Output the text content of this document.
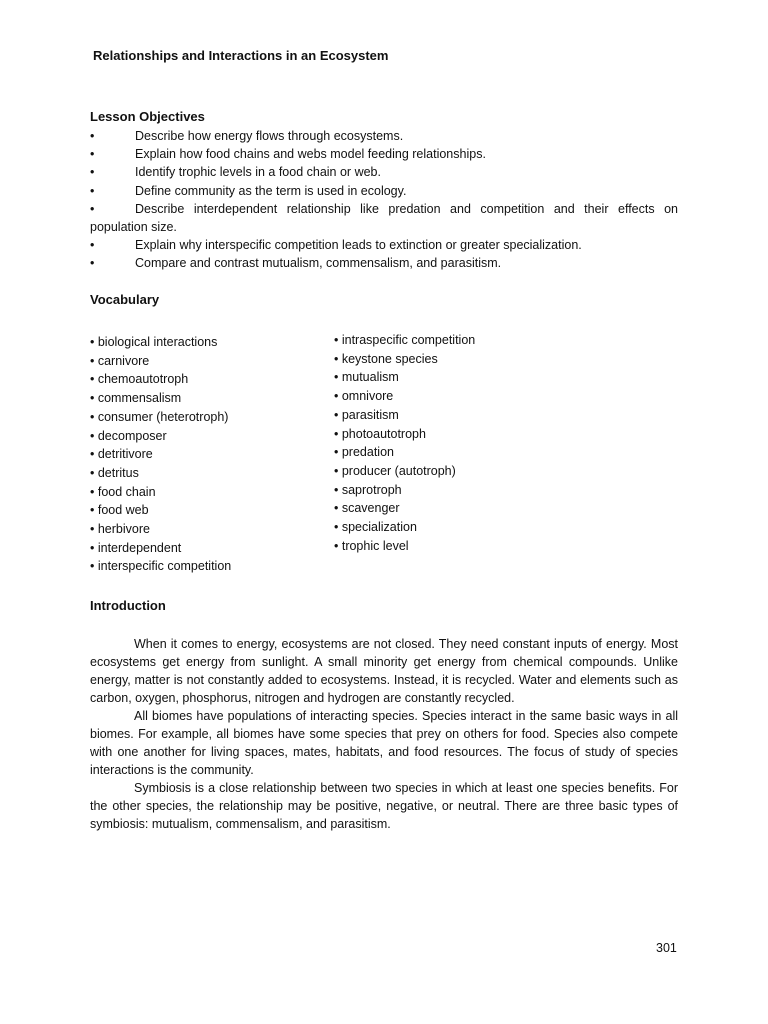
Relationships and Interactions in an Ecosystem
Lesson Objectives
•	Describe how energy flows through ecosystems.
•	Explain how food chains and webs model feeding relationships.
•	Identify trophic levels in a food chain or web.
•	Define community as the term is used in ecology.
•	Describe interdependent relationship like predation and competition and their effects on population size.
•	Explain why interspecific competition leads to extinction or greater specialization.
•	Compare and contrast mutualism, commensalism, and parasitism.
Vocabulary
• biological interactions
• carnivore
• chemoautotroph
• commensalism
• consumer (heterotroph)
• decomposer
• detritivore
• detritus
• food chain
• food web
• herbivore
• interdependent
• interspecific competition
• intraspecific competition
• keystone species
• mutualism
• omnivore
• parasitism
• photoautotroph
• predation
• producer (autotroph)
• saprotroph
• scavenger
• specialization
• trophic level
Introduction

When it comes to energy, ecosystems are not closed. They need constant inputs of energy. Most ecosystems get energy from sunlight. A small minority get energy from chemical compounds. Unlike energy, matter is not constantly added to ecosystems. Instead, it is recycled. Water and elements such as carbon, oxygen, phosphorus, nitrogen and hydrogen are constantly recycled.

All biomes have populations of interacting species. Species interact in the same basic ways in all biomes. For example, all biomes have some species that prey on others for food. Species also compete with one another for living spaces, mates, habitats, and food resources. The focus of study of species interactions is the community.

Symbiosis is a close relationship between two species in which at least one species benefits. For the other species, the relationship may be positive, negative, or neutral. There are three basic types of symbiosis: mutualism, commensalism, and parasitism.

301
